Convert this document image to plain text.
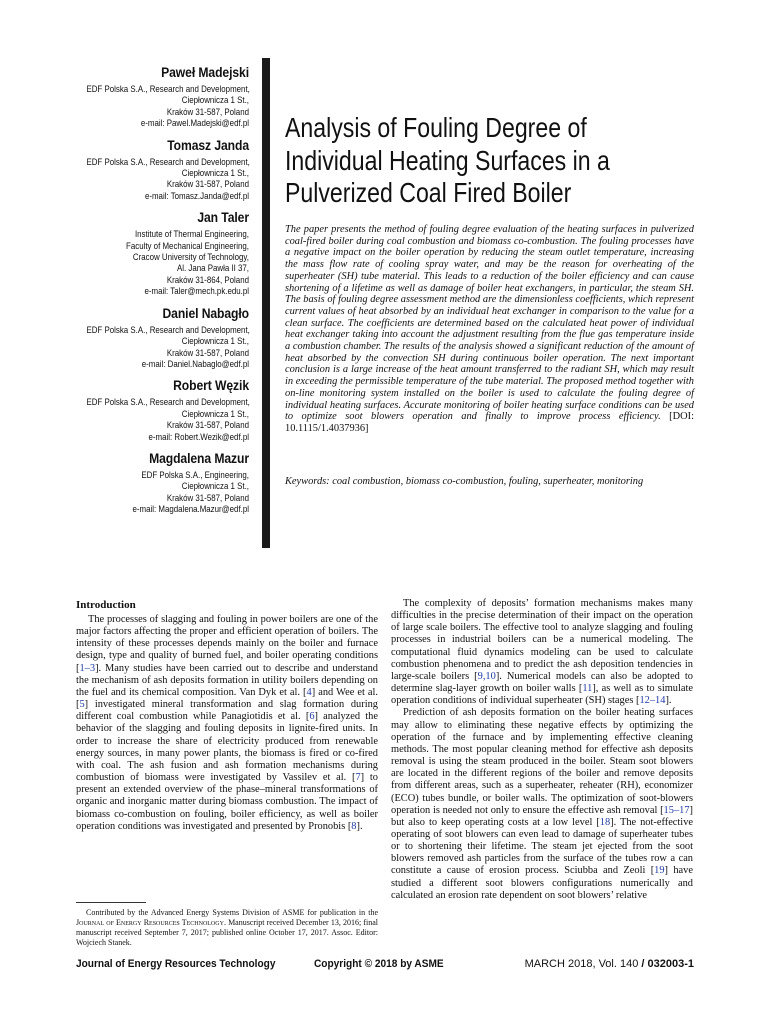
Paweł Madejski
EDF Polska S.A., Research and Development,
Ciepłownicza 1 St.,
Kraków 31-587, Poland
e-mail: Pawel.Madejski@edf.pl
Tomasz Janda
EDF Polska S.A., Research and Development,
Ciepłownicza 1 St.,
Kraków 31-587, Poland
e-mail: Tomasz.Janda@edf.pl
Jan Taler
Institute of Thermal Engineering,
Faculty of Mechanical Engineering,
Cracow University of Technology,
Al. Jana Pawła II 37,
Kraków 31-864, Poland
e-mail: Taler@mech.pk.edu.pl
Daniel Nabagło
EDF Polska S.A., Research and Development,
Ciepłownicza 1 St.,
Kraków 31-587, Poland
e-mail: Daniel.Nabaglo@edf.pl
Robert Węzik
EDF Polska S.A., Research and Development,
Ciepłownicza 1 St.,
Kraków 31-587, Poland
e-mail: Robert.Wezik@edf.pl
Magdalena Mazur
EDF Polska S.A., Engineering,
Ciepłownicza 1 St.,
Kraków 31-587, Poland
e-mail: Magdalena.Mazur@edf.pl
Analysis of Fouling Degree of
Individual Heating Surfaces in a
Pulverized Coal Fired Boiler
The paper presents the method of fouling degree evaluation of the heating surfaces in pulverized coal-fired boiler during coal combustion and biomass co-combustion. The fouling processes have a negative impact on the boiler operation by reducing the steam outlet temperature, increasing the mass flow rate of cooling spray water, and may be the reason for overheating of the superheater (SH) tube material. This leads to a reduction of the boiler efficiency and can cause shortening of a lifetime as well as damage of boiler heat exchangers, in particular, the steam SH. The basis of fouling degree assessment method are the dimensionless coefficients, which represent current values of heat absorbed by an individual heat exchanger in comparison to the value for a clean surface. The coefficients are determined based on the calculated heat power of individual heat exchanger taking into account the adjustment resulting from the flue gas temperature inside a combustion chamber. The results of the analysis showed a significant reduction of the amount of heat absorbed by the convection SH during continuous boiler operation. The next important conclusion is a large increase of the heat amount transferred to the radiant SH, which may result in exceeding the permissible temperature of the tube material. The proposed method together with on-line monitoring system installed on the boiler is used to calculate the fouling degree of individual heating surfaces. Accurate monitoring of boiler heating surface conditions can be used to optimize soot blowers operation and finally to improve process efficiency. [DOI: 10.1115/1.4037936]
Keywords: coal combustion, biomass co-combustion, fouling, superheater, monitoring
Introduction

The processes of slagging and fouling in power boilers are one of the major factors affecting the proper and efficient operation of boilers. The intensity of these processes depends mainly on the boiler and furnace design, type and quality of burned fuel, and boiler operating conditions [1–3]. Many studies have been carried out to describe and understand the mechanism of ash deposits formation in utility boilers depending on the fuel and its chemical composition. Van Dyk et al. [4] and Wee et al. [5] investigated mineral transformation and slag formation during different coal combustion while Panagiotidis et al. [6] analyzed the behavior of the slagging and fouling deposits in lignite-fired units. In order to increase the share of electricity produced from renewable energy sources, in many power plants, the biomass is fired or co-fired with coal. The ash fusion and ash formation mechanisms during combustion of biomass were investigated by Vassilev et al. [7] to present an extended overview of the phase–mineral transformations of organic and inorganic matter during biomass combustion. The impact of biomass co-combustion on fouling, boiler efficiency, as well as boiler operation conditions was investigated and presented by Pronobis [8].

The complexity of deposits’ formation mechanisms makes many difficulties in the precise determination of their impact on the operation of large scale boilers. The effective tool to analyze slagging and fouling processes in industrial boilers can be a numerical modeling. The computational fluid dynamics modeling can be used to calculate combustion phenomena and to predict the ash deposition tendencies in large-scale boilers [9,10]. Numerical models can also be adopted to determine slag-layer growth on boiler walls [11], as well as to simulate operation conditions of individual superheater (SH) stages [12–14].

Prediction of ash deposits formation on the boiler heating surfaces may allow to eliminating these negative effects by optimizing the operation of the furnace and by implementing effective cleaning methods. The most popular cleaning method for effective ash deposits removal is using the steam produced in the boiler. Steam soot blowers are located in the different regions of the boiler and remove deposits from different areas, such as a superheater, reheater (RH), economizer (ECO) tubes bundle, or boiler walls. The optimization of soot-blowers operation is needed not only to ensure the effective ash removal [15–17] but also to keep operating costs at a low level [18]. The not-effective operating of soot blowers can even lead to damage of superheater tubes or to shortening their lifetime. The steam jet ejected from the soot blowers removed ash particles from the surface of the tubes row a can constitute a cause of erosion process. Sciubba and Zeoli [19] have studied a different soot blowers configurations numerically and calculated an erosion rate dependent on soot blowers’ relative

Contributed by the Advanced Energy Systems Division of ASME for publication in the Journal of Energy Resources Technology. Manuscript received December 13, 2016; final manuscript received September 7, 2017; published online October 17, 2017. Assoc. Editor: Wojciech Stanek.
Journal of Energy Resources Technology	Copyright © 2018 by ASME	MARCH 2018, Vol. 140 / 032003-1
